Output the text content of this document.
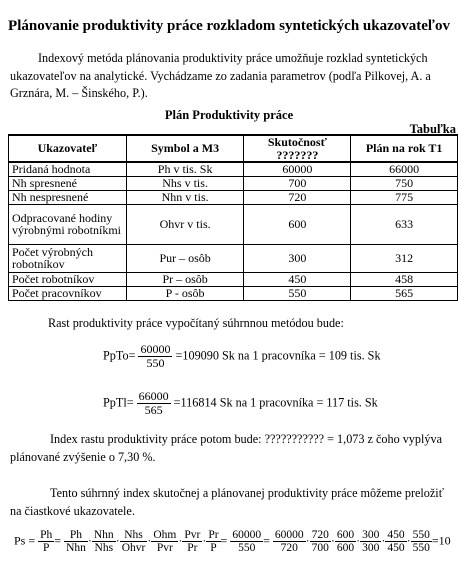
Plánovanie produktivity práce rozkladom syntetických ukazovateľov
Indexový metóda plánovania produktivity práce umožňuje rozklad syntetických ukazovateľov na analytické. Vychádzame zo zadania parametrov (podľa Pilkovej, A. a Grznára, M. – Šinského, P.).
Plán Produktivity práce
Tabuľka
Ukazovateľ	Symbol a M3	Skutočnosť ???????	Plán na rok T1
Pridaná hodnota	Ph v tis. Sk	60000	66000
Nh spresnené	Nhs v tis.	700	750
Nh nespresnené	Nhn v tis.	720	775
Odpracované hodiny výrobnými robotníkmi	Ohvr v tis.	600	633
Počet výrobných robotníkov	Pur – osôb	300	312
Počet robotníkov	Pr – osôb	450	458
Počet pracovníkov	P - osôb	550	565
Rast produktivity práce vypočítaný súhrnnou metódou bude:
PpTo= $\frac{60000}{550} =109090$ Sk na 1 pracovníka = 109 tis. Sk
PpTl= $\frac{66000}{565} =116814$ Sk na 1 pracovníka = 117 tis. Sk
Index rastu produktivity práce potom bude: ??????????? = 1,073 z čoho vyplýva plánované zvýšenie o 7,30 %.
Tento súhrnný index skutočnej a plánovanej produktivity práce môžeme preložiť na čiastkové ukazovatele.
$Ps = \frac{Ph}{P} = \frac{Ph}{\text{Nhn}} \cdot \frac{\text{Nhn}}{\text{Nhs}} \cdot \frac{\text{Nhs}}{\text{Ohvr}} \cdot \frac{\text{Ohm}}{\text{Pvr}} \cdot \frac{\text{Pvr}}{Pr} \cdot \frac{Pr}{P} = \frac{60000}{550} = \frac{60000}{720} \cdot \frac{720}{700} \cdot \frac{600}{600} \cdot \frac{300}{300} \cdot \frac{450}{450} \cdot \frac{550}{550} =10$
